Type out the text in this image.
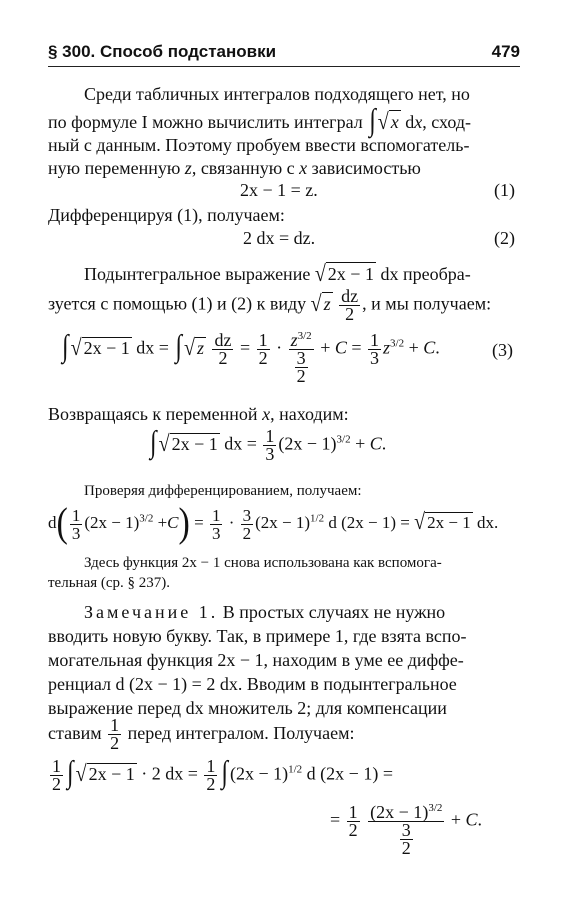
§ 300. Способ подстановки	479
Среди табличных интегралов подходящего нет, но
по формуле I можно вычислить интеграл ∫ √ x dx, сход-
ный с данным. Поэтому пробуем ввести вспомогатель-
ную переменную z, связанную с x зависимостью
2x − 1 = z.	(1)
Дифференцируя (1), получаем:
2 dx = dz.	(2)
Подынтегральное выражение √ 2x − 1 dx преобра-
зуется с помощью (1) и (2) к виду √ z $\frac{dz}{2}$ , и мы получаем:
∫ √ 2x − 1 dx = ∫ √ z $\frac{dz}{2} = \frac{1}{2} \cdot \frac{z^{3/2}}{\frac{3}{2}} + C = \frac{1}{3} z^{3/2} + C$.	(3)
Возвращаясь к переменной x, находим:
∫ √ 2x − 1 dx = $\frac{1}{3} (2x - 1)^{3/2} + C$.
Проверяя дифференцированием, получаем:
$d( \frac{1}{3} (2x - 1)^{3/2} +C) = \frac{1}{3} \cdot \frac{3}{2} (2x - 1)^{1/2}$ d (2x − 1) = √ 2x − 1 dx.
Здесь функция 2x − 1 снова использована как вспомога-
тельная (ср. § 237).
Замечание 1. В простых случаях не нужно
вводить новую букву. Так, в примере 1, где взята вспо-
могательная функция 2x − 1, находим в уме ее диффе-
ренциал d (2x − 1) = 2 dx. Вводим в подынтегральное
выражение перед dx множитель 2; для компенсации
ставим $\frac{1}{2}$ перед интегралом. Получаем:
$\frac{1}{2}$ ∫ √ 2x − 1 · 2 dx = $\frac{1}{2}$ ∫ $(2x - 1)^{1/2}$ d (2x − 1) =
= $\frac{1}{2}$
$\frac{(2x - 1)^{3/2}}{\frac{3}{2}} + C$.
